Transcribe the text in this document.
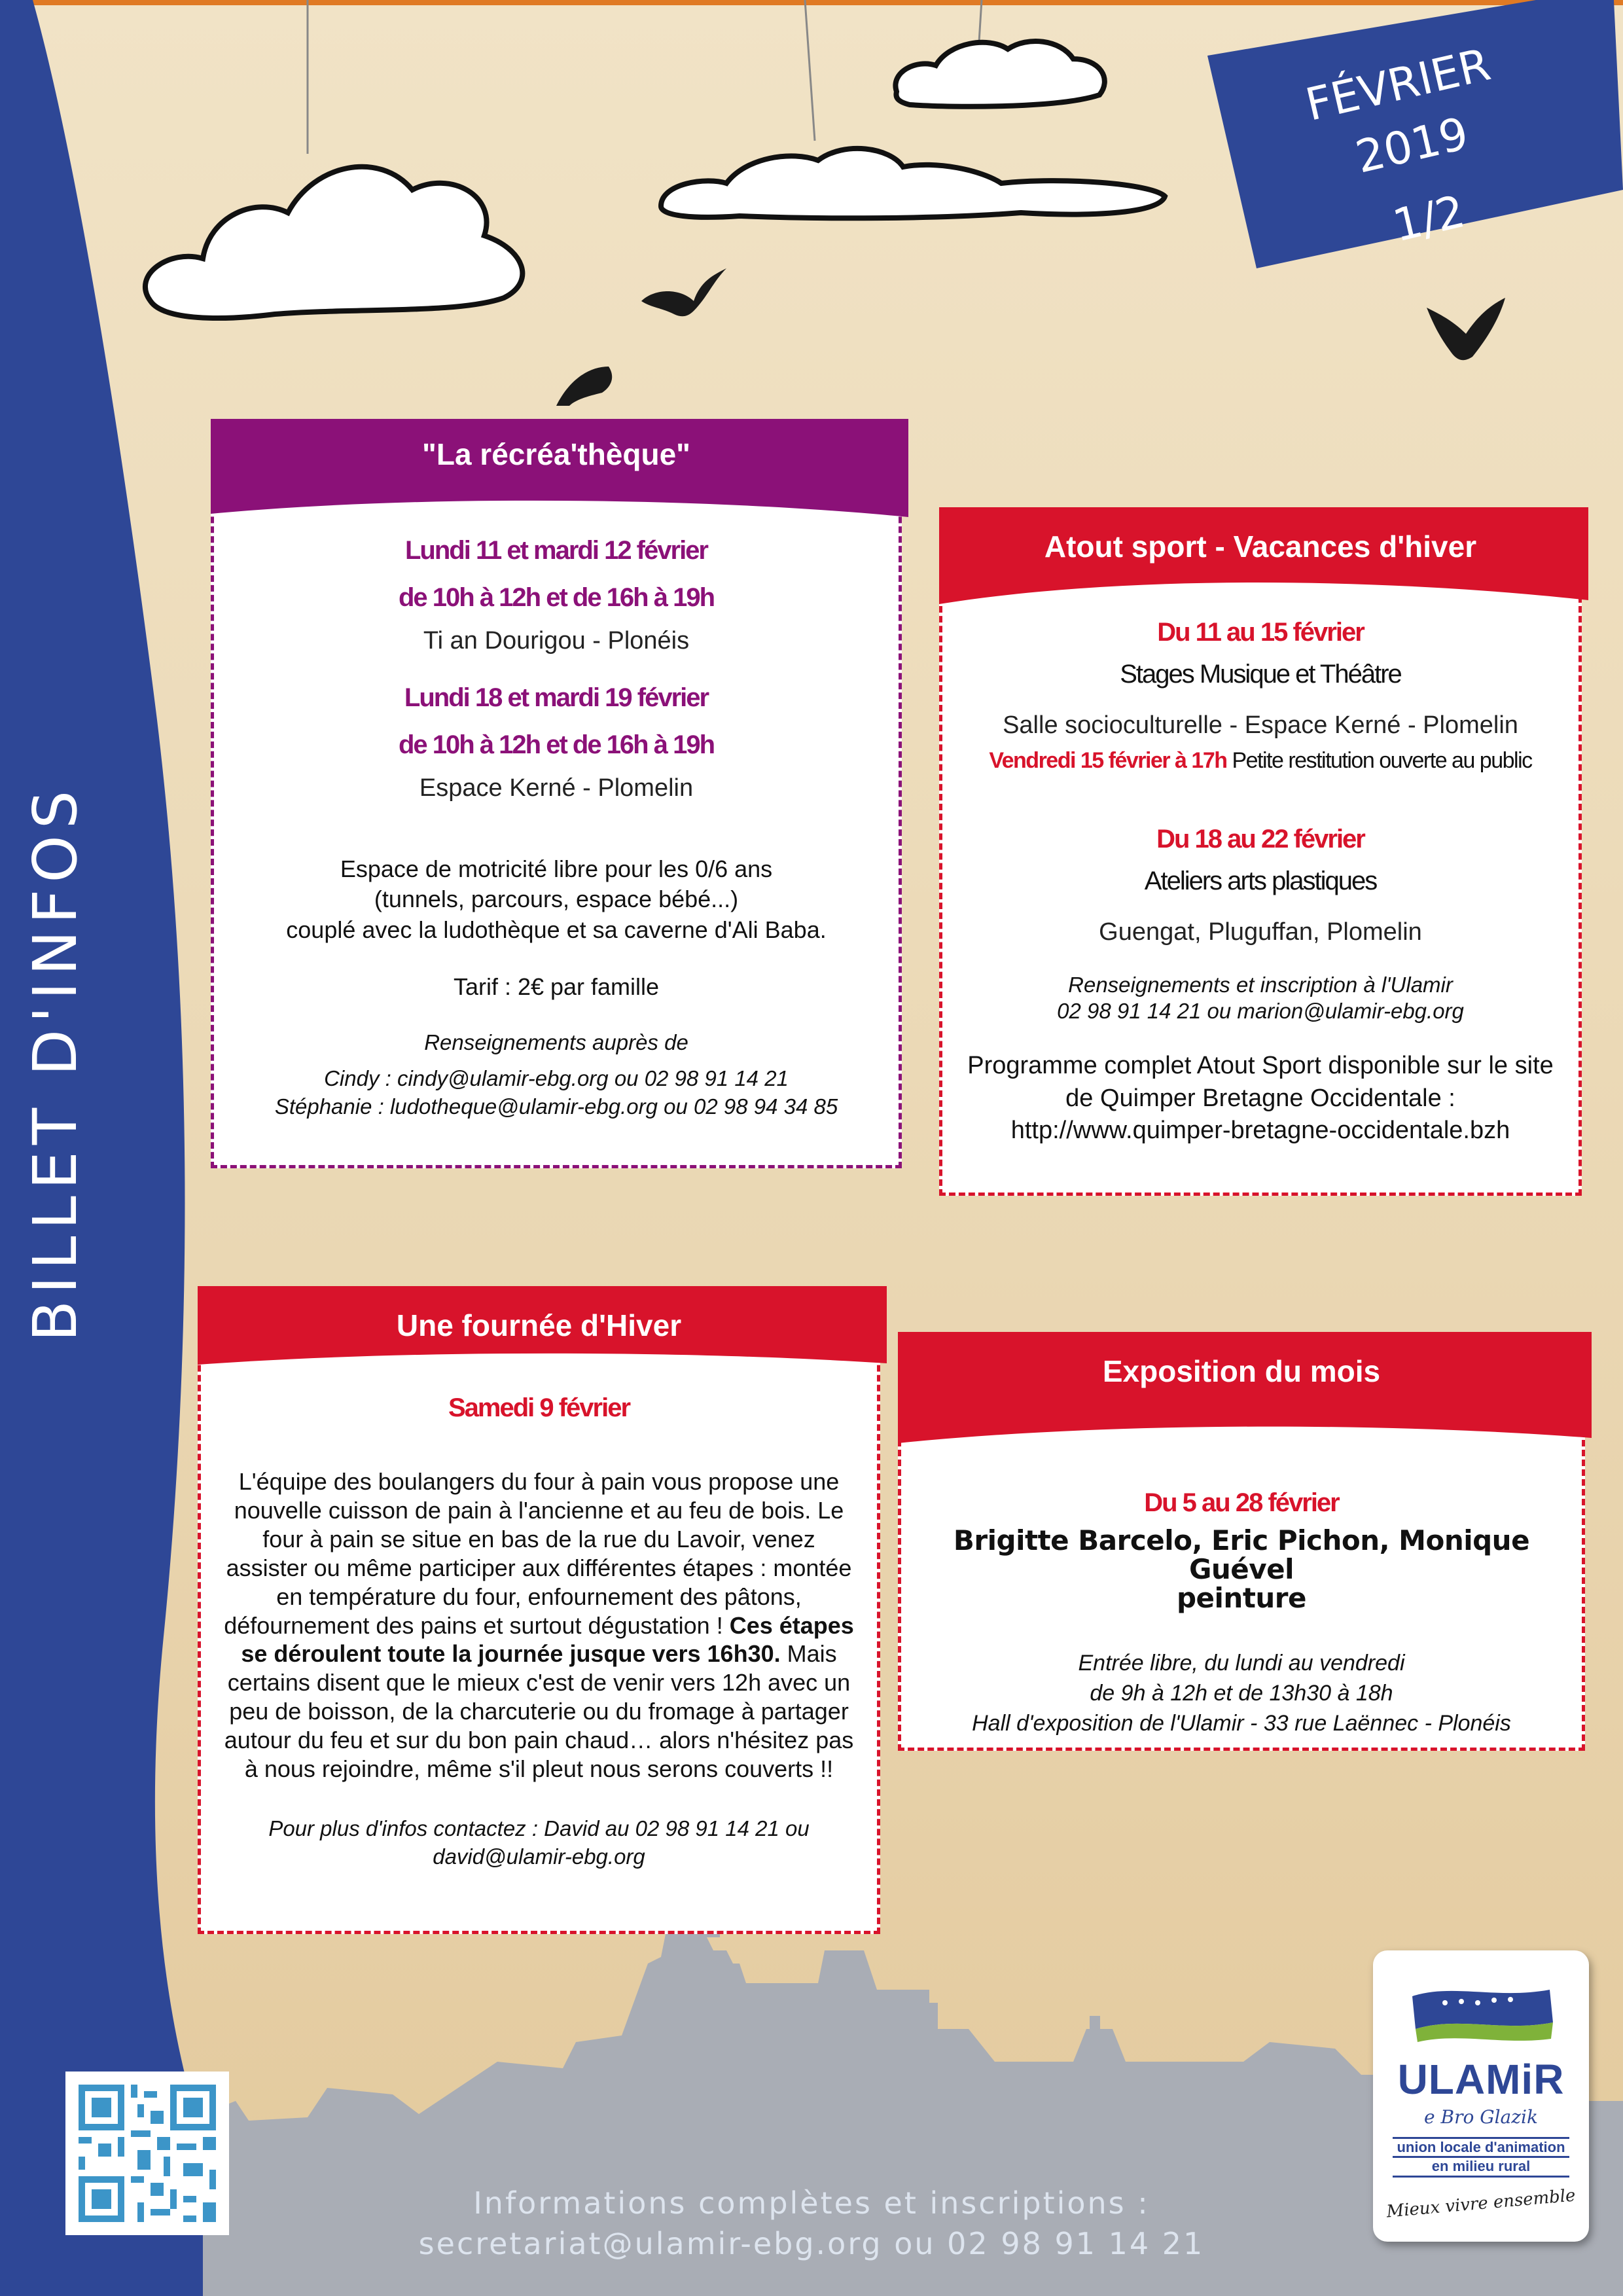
BILLET D'INFOS
FÉVRIER 2019
1/2
"La récréa'thèque"
Lundi 11 et mardi 12 février
de 10h à 12h et de 16h à 19h
Ti an Dourigou - Plonéis
Lundi 18 et mardi 19 février
de 10h à 12h et de 16h à 19h
Espace Kerné - Plomelin
Espace de motricité libre pour les 0/6 ans
(tunnels, parcours, espace bébé...)
couplé avec la ludothèque et sa caverne d'Ali Baba.
Tarif : 2€ par famille
Renseignements auprès de
Cindy : cindy@ulamir-ebg.org ou 02 98 91 14 21
Stéphanie : ludotheque@ulamir-ebg.org ou 02 98 94 34 85
Atout sport - Vacances d'hiver
Du 11 au 15 février
Stages Musique et Théâtre
Salle socioculturelle - Espace Kerné - Plomelin
Vendredi 15 février à 17h Petite restitution ouverte au public
Du 18 au 22 février
Ateliers arts plastiques
Guengat, Pluguffan, Plomelin
Renseignements et inscription à l'Ulamir
02 98 91 14 21 ou marion@ulamir-ebg.org
Programme complet Atout Sport disponible sur le site
de Quimper Bretagne Occidentale :
http://www.quimper-bretagne-occidentale.bzh
Une fournée d'Hiver
Samedi 9 février
L'équipe des boulangers du four à pain vous propose une nouvelle cuisson de pain à l'ancienne et au feu de bois. Le four à pain se situe en bas de la rue du Lavoir, venez assister ou même participer aux différentes étapes : montée en température du four, enfournement des pâtons, défournement des pains et surtout dégustation ! Ces étapes se déroulent toute la journée jusque vers 16h30. Mais certains disent que le mieux c'est de venir vers 12h avec un peu de boisson, de la charcuterie ou du fromage à partager autour du feu et sur du bon pain chaud… alors n'hésitez pas à nous rejoindre, même s'il pleut nous serons couverts !!
Pour plus d'infos contactez : David au 02 98 91 14 21 ou david@ulamir-ebg.org
Exposition du mois
Du 5 au 28 février
Brigitte Barcelo, Eric Pichon, Monique Guével
peinture
Entrée libre, du lundi au vendredi
de 9h à 12h et de 13h30 à 18h
Hall d'exposition de l'Ulamir - 33 rue Laënnec - Plonéis
ULAMiR
e Bro Glazik
union locale d'animation
en milieu rural
Mieux vivre ensemble
Informations complètes et inscriptions :
secretariat@ulamir-ebg.org ou 02 98 91 14 21
